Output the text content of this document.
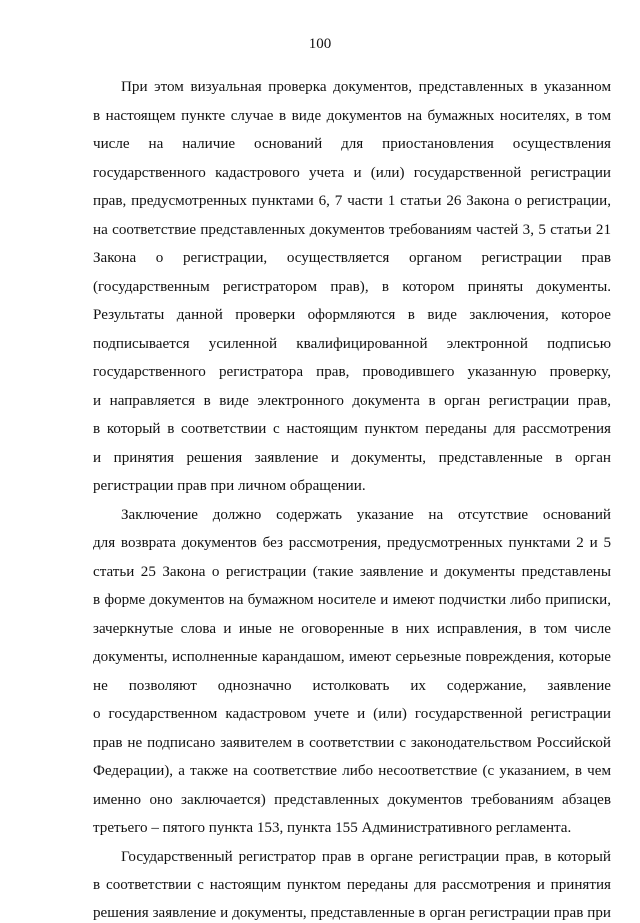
100
При этом визуальная проверка документов, представленных в указанном
в настоящем пункте случае в виде документов на бумажных носителях, в том
числе на наличие оснований для приостановления осуществления
государственного кадастрового учета и (или) государственной регистрации
прав, предусмотренных пунктами 6, 7 части 1 статьи 26 Закона о регистрации,
на соответствие представленных документов требованиям частей 3, 5 статьи 21
Закона о регистрации, осуществляется органом регистрации прав
(государственным регистратором прав), в котором приняты документы.
Результаты данной проверки оформляются в виде заключения, которое
подписывается усиленной квалифицированной электронной подписью
государственного регистратора прав, проводившего указанную проверку,
и направляется в виде электронного документа в орган регистрации прав,
в который в соответствии с настоящим пунктом переданы для рассмотрения
и принятия решения заявление и документы, представленные в орган
регистрации прав при личном обращении.
Заключение должно содержать указание на отсутствие оснований
для возврата документов без рассмотрения, предусмотренных пунктами 2 и 5
статьи 25 Закона о регистрации (такие заявление и документы представлены
в форме документов на бумажном носителе и имеют подчистки либо приписки,
зачеркнутые слова и иные не оговоренные в них исправления, в том числе
документы, исполненные карандашом, имеют серьезные повреждения, которые
не позволяют однозначно истолковать их содержание, заявление
о государственном кадастровом учете и (или) государственной регистрации
прав не подписано заявителем в соответствии с законодательством Российской
Федерации), а также на соответствие либо несоответствие (с указанием, в чем
именно оно заключается) представленных документов требованиям абзацев
третьего – пятого пункта 153, пункта 155 Административного регламента.
Государственный регистратор прав в органе регистрации прав, в который
в соответствии с настоящим пунктом переданы для рассмотрения и принятия
решения заявление и документы, представленные в орган регистрации прав при
